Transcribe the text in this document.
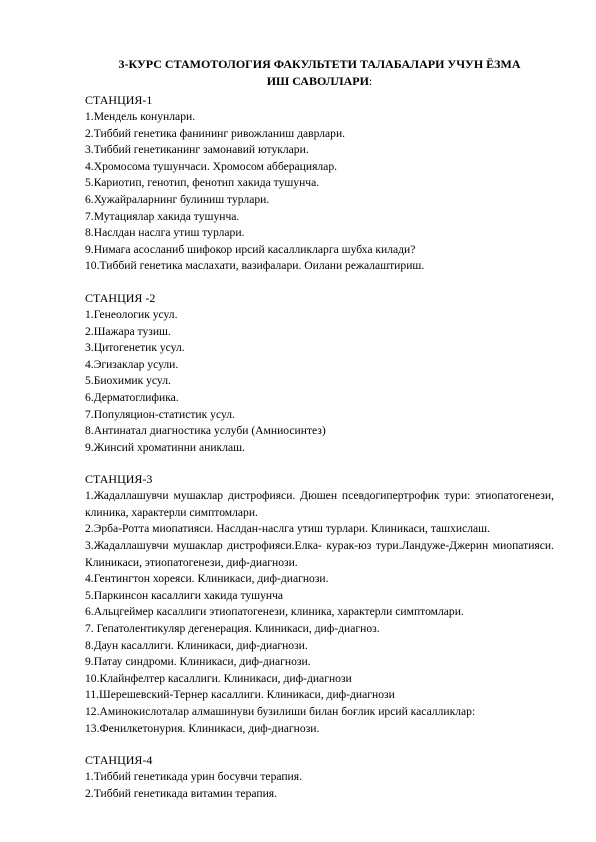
3-КУРС СТАМОТОЛОГИЯ ФАКУЛЬТЕТИ ТАЛАБАЛАРИ УЧУН ЁЗМА
ИШ САВОЛЛАРИ:
СТАНЦИЯ-1
1.Мендель конунлари.
2.Тиббий генетика фанининг ривожланиш даврлари.
3.Тиббий генетиканинг замонавий ютуклари.
4.Хромосома тушунчаси. Хромосом абберациялар.
5.Кариотип, генотип, фенотип хакида тушунча.
6.Хужайраларнинг булиниш турлари.
7.Мутациялар хакида тушунча.
8.Наслдан наслга утиш турлари.
9.Нимага асосланиб шифокор ирсий касалликларга шубха килади?
10.Тиббий генетика маслахати, вазифалари. Оилани режалаштириш.
СТАНЦИЯ -2
1.Генеологик усул.
2.Шажара тузиш.
3.Цитогенетик усул.
4.Эгизаклар усули.
5.Биохимик усул.
6.Дерматоглифика.
7.Популяцион-статистик усул.
8.Антинатал диагностика услуби (Амниосинтез)
9.Жинсий хроматинни аниклаш.
СТАНЦИЯ-3
1.Жадаллашувчи мушаклар дистрофияси. Дюшен псевдогипертрофик тури: этиопатогенези, клиника, характерли симптомлари.
2.Эрба-Ротта миопатияси. Наслдан-наслга утиш турлари. Клиникаси, ташхислаш.
3.Жадаллашувчи мушаклар дистрофияси.Елка- курак-юз тури.Ландуже-Джерин миопатияси. Клиникаси, этиопатогенези, диф-диагнози.
4.Гентингтон хореяси. Клиникаси, диф-диагнози.
5.Паркинсон касаллиги хакида тушунча
6.Альцгеймер касаллиги этиопатогенези, клиника, характерли симптомлари.
7. Гепатолентикуляр дегенерация. Клиникаси, диф-диагноз.
8.Даун касаллиги. Клиникаси, диф-диагнози.
9.Патау синдроми. Клиникаси, диф-диагнози.
10.Клайнфелтер касаллиги. Клиникаси, диф-диагнози
11.Шерешевский-Тернер касаллиги. Клиникаси, диф-диагнози
12.Аминокислоталар алмашинуви бузилиши билан боғлик ирсий касалликлар:
13.Фенилкетонурия. Клиникаси, диф-диагнози.
СТАНЦИЯ-4
1.Тиббий генетикада урин босувчи терапия.
2.Тиббий генетикада витамин терапия.
